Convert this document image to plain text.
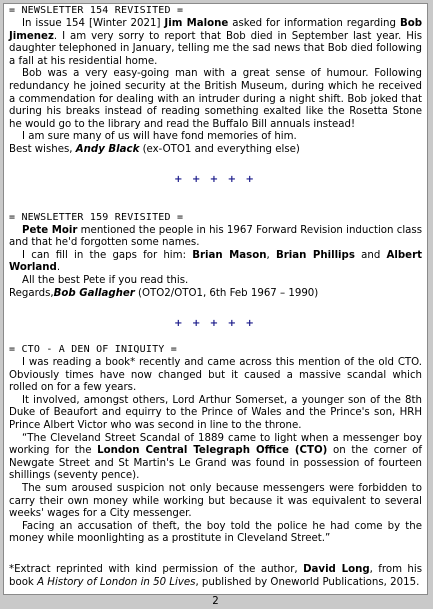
= NEWSLETTER 154 REVISITED =

In issue 154 [Winter 2021] Jim Malone asked for information regarding Bob Jimenez. I am very sorry to report that Bob died in September last year. His daughter telephoned in January, telling me the sad news that Bob died following a fall at his residential home.

Bob was a very easy-going man with a great sense of humour. Following redundancy he joined security at the British Museum, during which he received a commendation for dealing with an intruder during a night shift. Bob joked that during his breaks instead of reading something exalted like the Rosetta Stone he would go to the library and read the Buffalo Bill annuals instead!

I am sure many of us will have fond memories of him.

Best wishes, Andy Black (ex-OTO1 and everything else)

+ + + + +
= NEWSLETTER 159 REVISITED =

Pete Moir mentioned the people in his 1967 Forward Revision induction class and that he'd forgotten some names.

I can fill in the gaps for him: Brian Mason, Brian Phillips and Albert Worland.

All the best Pete if you read this.

Regards,Bob Gallagher (OTO2/OTO1, 6th Feb 1967 – 1990)

+ + + + +
= CTO - A DEN OF INIQUITY =

I was reading a book* recently and came across this mention of the old CTO. Obviously times have now changed but it caused a massive scandal which rolled on for a few years.

It involved, amongst others, Lord Arthur Somerset, a younger son of the 8th Duke of Beaufort and equirry to the Prince of Wales and the Prince's son, HRH Prince Albert Victor who was second in line to the throne.

“The Cleveland Street Scandal of 1889 came to light when a messenger boy working for the London Central Telegraph Office (CTO) on the corner of Newgate Street and St Martin's Le Grand was found in possession of fourteen shillings (seventy pence).

The sum aroused suspicion not only because messengers were forbidden to carry their own money while working but because it was equivalent to several weeks' wages for a City messenger.

Facing an accusation of theft, the boy told the police he had come by the money while moonlighting as a prostitute in Cleveland Street.”

*Extract reprinted with kind permission of the author, David Long, from his book A History of London in 50 Lives, published by Oneworld Publications, 2015.

2
